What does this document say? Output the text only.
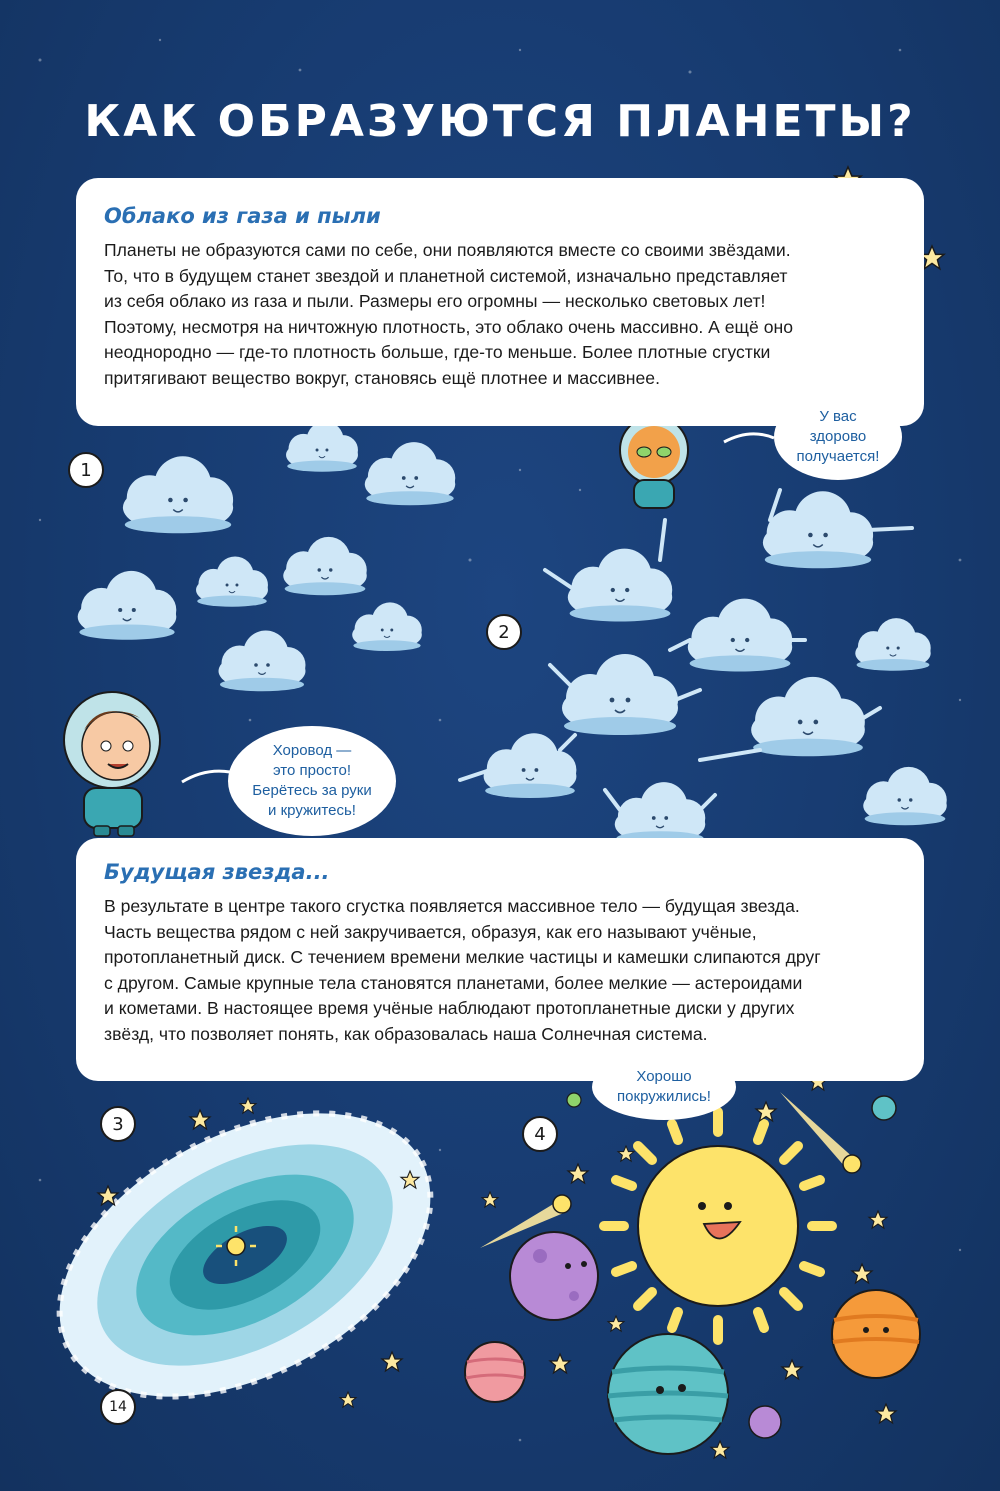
КАК ОБРАЗУЮТСЯ ПЛАНЕТЫ?
Облако из газа и пыли

Планеты не образуются сами по себе, они появляются вместе со своими звёздами.
То, что в будущем станет звездой и планетной системой, изначально представляет
из себя облако из газа и пыли. Размеры его огромны — несколько световых лет!
Поэтому, несмотря на ничтожную плотность, это облако очень массивно. А ещё оно
неоднородно — где-то плотность больше, где-то меньше. Более плотные сгустки
притягивают вещество вокруг, становясь ещё плотнее и массивнее.

Будущая звезда...

В результате в центре такого сгустка появляется массивное тело — будущая звезда.
Часть вещества рядом с ней закручивается, образуя, как его называют учёные,
протопланетный диск. С течением времени мелкие частицы и камешки слипаются друг
с другом. Самые крупные тела становятся планетами, более мелкие — астероидами
и кометами. В настоящее время учёные наблюдают протопланетные диски у других
звёзд, что позволяет понять, как образовалась наша Солнечная система.

У вас
здорово
получается!
Хоровод —
это просто!
Берётесь за руки
и кружитесь!
Хорошо
покружились!
1
2
3	4
14
